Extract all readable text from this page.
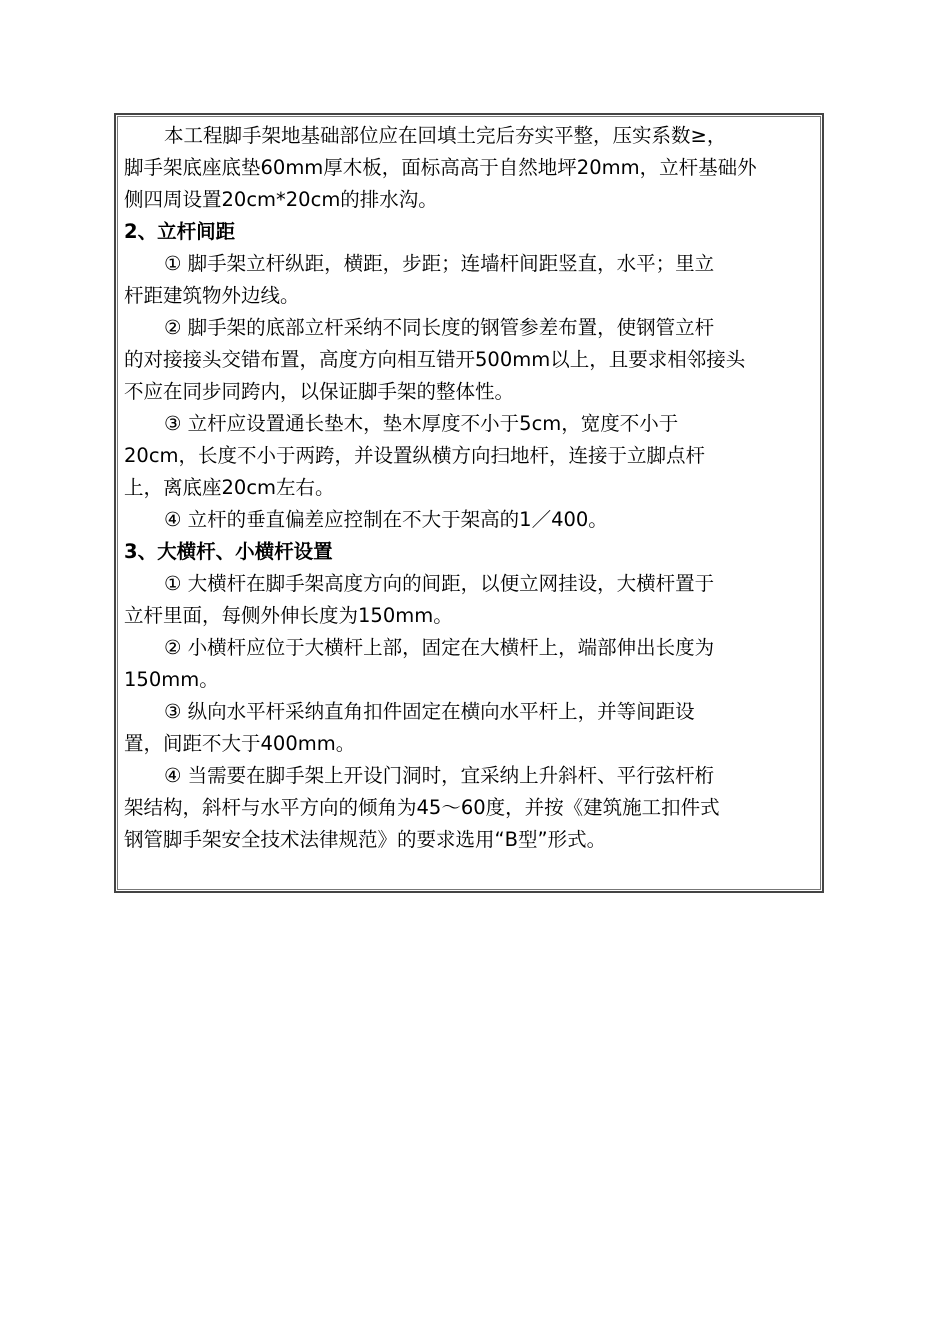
本工程脚手架地基础部位应在回填土完后夯实平整，压实系数≥，
脚手架底座底垫60mm厚木板，面标高高于自然地坪20mm，立杆基础外
侧四周设置20cm*20cm的排水沟。
2、立杆间距
① 脚手架立杆纵距，横距，步距；连墙杆间距竖直，水平；里立
杆距建筑物外边线。
② 脚手架的底部立杆采纳不同长度的钢管参差布置，使钢管立杆
的对接接头交错布置，高度方向相互错开500mm以上，且要求相邻接头
不应在同步同跨内，以保证脚手架的整体性。
③ 立杆应设置通长垫木，垫木厚度不小于5cm，宽度不小于
20cm，长度不小于两跨，并设置纵横方向扫地杆，连接于立脚点杆
上，离底座20cm左右。
④ 立杆的垂直偏差应控制在不大于架高的1／400。
3、大横杆、小横杆设置
① 大横杆在脚手架高度方向的间距，以便立网挂设，大横杆置于
立杆里面，每侧外伸长度为150mm。
② 小横杆应位于大横杆上部，固定在大横杆上，端部伸出长度为
150mm。
③ 纵向水平杆采纳直角扣件固定在横向水平杆上，并等间距设
置，间距不大于400mm。
④ 当需要在脚手架上开设门洞时，宜采纳上升斜杆、平行弦杆桁
架结构，斜杆与水平方向的倾角为45～60度，并按《建筑施工扣件式
钢管脚手架安全技术法律规范》的要求选用“B型”形式。
